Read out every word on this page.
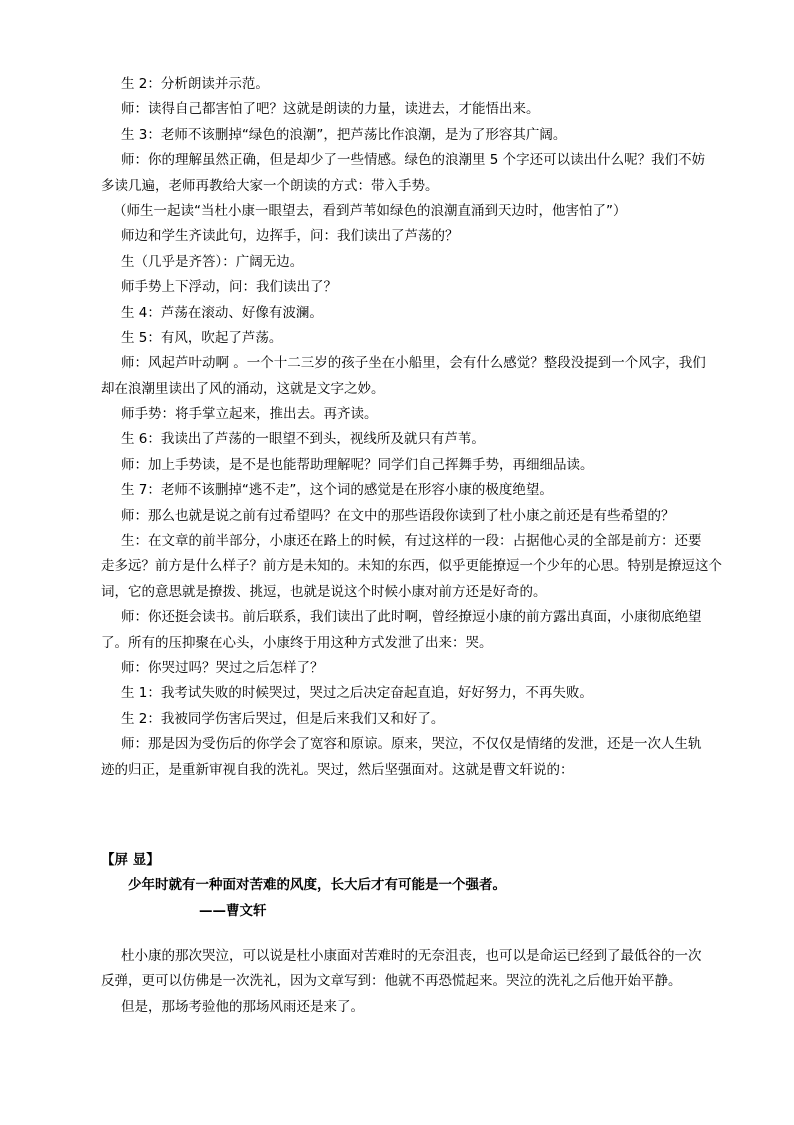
生 2：分析朗读并示范。
师：读得自己都害怕了吧？这就是朗读的力量，读进去，才能悟出来。
生 3：老师不该删掉“绿色的浪潮”，把芦荡比作浪潮，是为了形容其广阔。
师：你的理解虽然正确，但是却少了一些情感。绿色的浪潮里 5 个字还可以读出什么呢？我们不妨
多读几遍，老师再教给大家一个朗读的方式：带入手势。
（师生一起读“当杜小康一眼望去，看到芦苇如绿色的浪潮直涌到天边时，他害怕了”）
师边和学生齐读此句，边挥手，问：我们读出了芦荡的？
生（几乎是齐答）：广阔无边。
师手势上下浮动，问：我们读出了？
生 4：芦荡在滚动、好像有波澜。
生 5：有风，吹起了芦荡。
师：风起芦叶动啊 。一个十二三岁的孩子坐在小船里，会有什么感觉？整段没提到一个风字，我们
却在浪潮里读出了风的涌动，这就是文字之妙。
师手势：将手掌立起来，推出去。再齐读。
生 6：我读出了芦荡的一眼望不到头，视线所及就只有芦苇。
师：加上手势读，是不是也能帮助理解呢？同学们自己挥舞手势，再细细品读。
生 7：老师不该删掉“逃不走”，这个词的感觉是在形容小康的极度绝望。
师：那么也就是说之前有过希望吗？在文中的那些语段你读到了杜小康之前还是有些希望的？
生：在文章的前半部分，小康还在路上的时候，有过这样的一段：占据他心灵的全部是前方：还要
走多远？前方是什么样子？前方是未知的。未知的东西，似乎更能撩逗一个少年的心思。特别是撩逗这个
词，它的意思就是撩拨、挑逗，也就是说这个时候小康对前方还是好奇的。
师：你还挺会读书。前后联系，我们读出了此时啊，曾经撩逗小康的前方露出真面，小康彻底绝望
了。所有的压抑聚在心头，小康终于用这种方式发泄了出来：哭。
师：你哭过吗？哭过之后怎样了？
生 1：我考试失败的时候哭过，哭过之后决定奋起直追，好好努力，不再失败。
生 2：我被同学伤害后哭过，但是后来我们又和好了。
师：那是因为受伤后的你学会了宽容和原谅。原来，哭泣，不仅仅是情绪的发泄，还是一次人生轨
迹的归正，是重新审视自我的洗礼。哭过，然后坚强面对。这就是曹文轩说的：
【屏 显】
少年时就有一种面对苦难的风度，长大后才有可能是一个强者。
——曹文轩
杜小康的那次哭泣，可以说是杜小康面对苦难时的无奈沮丧，也可以是命运已经到了最低谷的一次
反弹，更可以仿佛是一次洗礼，因为文章写到：他就不再恐慌起来。哭泣的洗礼之后他开始平静。
但是，那场考验他的那场风雨还是来了。
